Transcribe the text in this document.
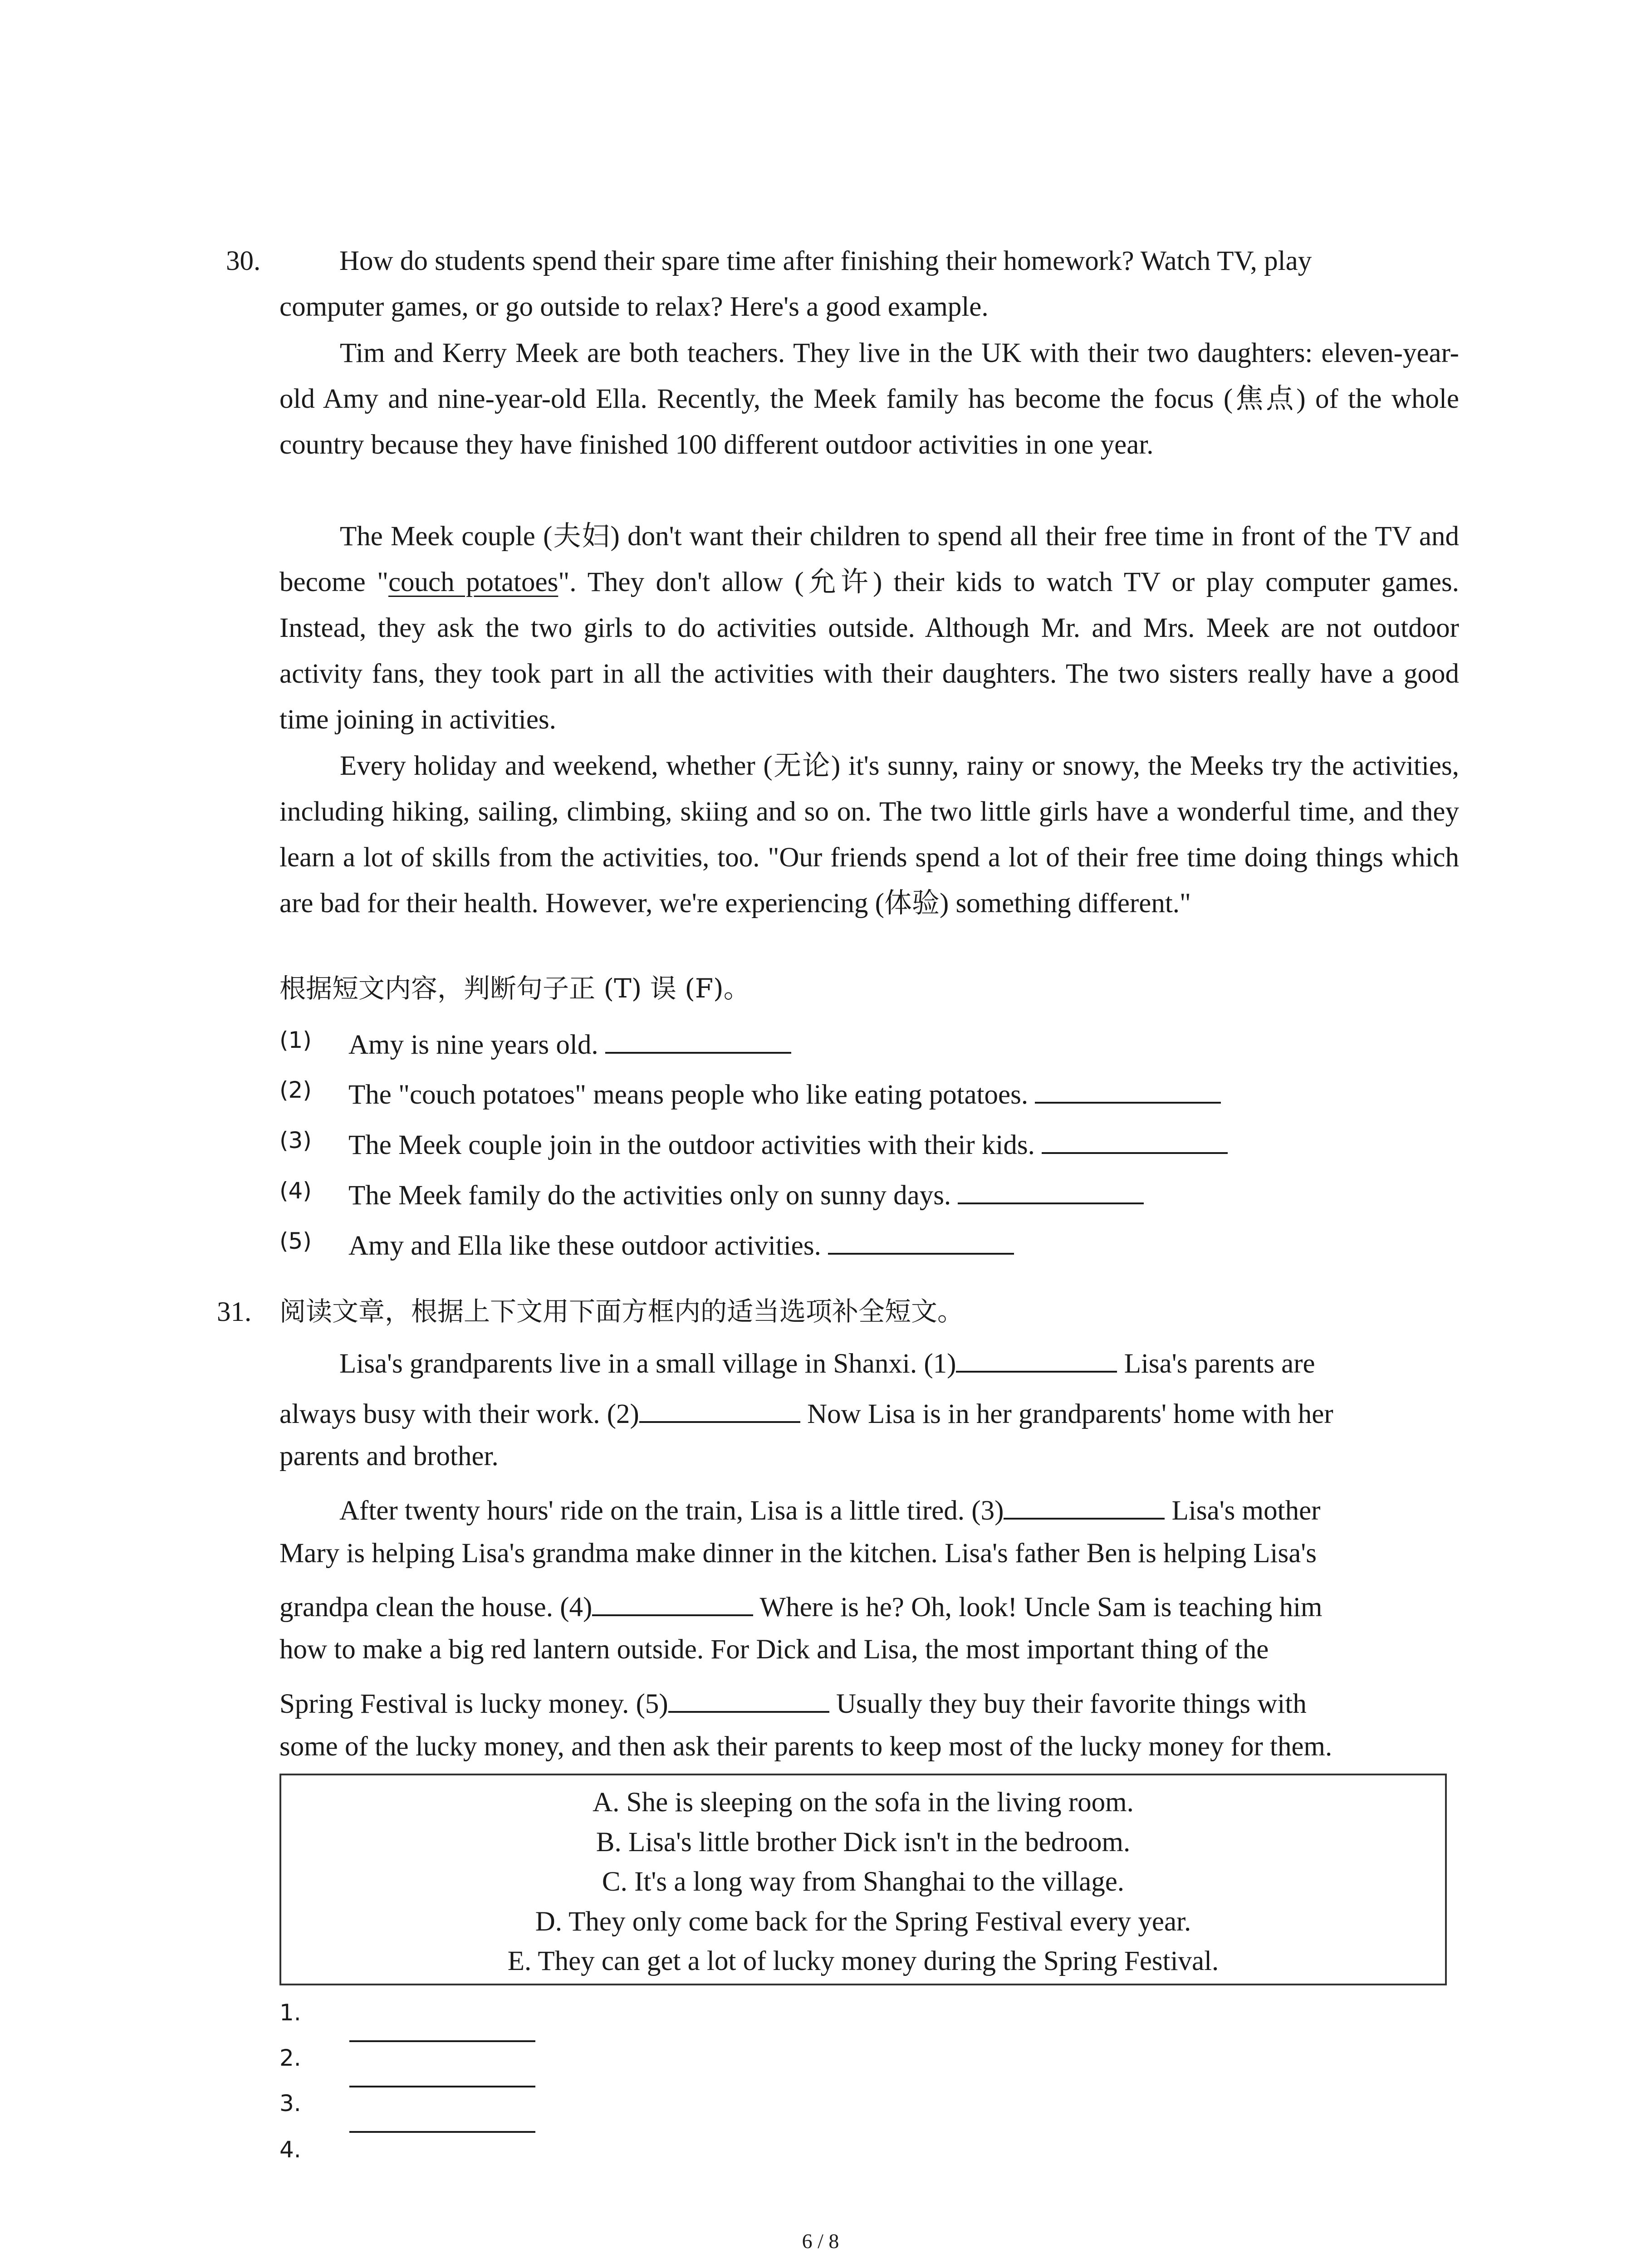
30.	How do students spend their spare time after finishing their homework? Watch TV, play
computer games, or go outside to relax? Here's a good example.
Tim and Kerry Meek are both teachers. They live in the UK with their two daughters: eleven-year-old Amy and nine-year-old Ella. Recently, the Meek family has become the focus (焦点) of the whole country because they have finished 100 different outdoor activities in one year.
The Meek couple (夫妇) don't want their children to spend all their free time in front of the TV and become "couch potatoes". They don't allow (允许) their kids to watch TV or play computer games. Instead, they ask the two girls to do activities outside. Although Mr. and Mrs. Meek are not outdoor activity fans, they took part in all the activities with their daughters. The two sisters really have a good time joining in activities.
Every holiday and weekend, whether (无论) it's sunny, rainy or snowy, the Meeks try the activities, including hiking, sailing, climbing, skiing and so on. The two little girls have a wonderful time, and they learn a lot of skills from the activities, too. "Our friends spend a lot of their free time doing things which are bad for their health. However, we're experiencing (体验) something different."
根据短文内容，判断句子正 (T) 误 (F)。
(1) Amy is nine years old.
(2) The "couch potatoes" means people who like eating potatoes.
(3) The Meek couple join in the outdoor activities with their kids.
(4) The Meek family do the activities only on sunny days.
(5) Amy and Ella like these outdoor activities.
31. 阅读文章，根据上下文用下面方框内的适当选项补全短文。
Lisa's grandparents live in a small village in Shanxi. (1)	Lisa's parents are
always busy with their work. (2)	Now Lisa is in her grandparents' home with her
parents and brother.
After twenty hours' ride on the train, Lisa is a little tired. (3)	Lisa's mother
Mary is helping Lisa's grandma make dinner in the kitchen. Lisa's father Ben is helping Lisa's
grandpa clean the house. (4)	Where is he? Oh, look! Uncle Sam is teaching him
how to make a big red lantern outside. For Dick and Lisa, the most important thing of the
Spring Festival is lucky money. (5)	Usually they buy their favorite things with
some of the lucky money, and then ask their parents to keep most of the lucky money for them.
A. She is sleeping on the sofa in the living room.
B. Lisa's little brother Dick isn't in the bedroom.
C. It's a long way from Shanghai to the village.
D. They only come back for the Spring Festival every year.
E. They can get a lot of lucky money during the Spring Festival.
1.
2.
3.
4.
6 / 8
